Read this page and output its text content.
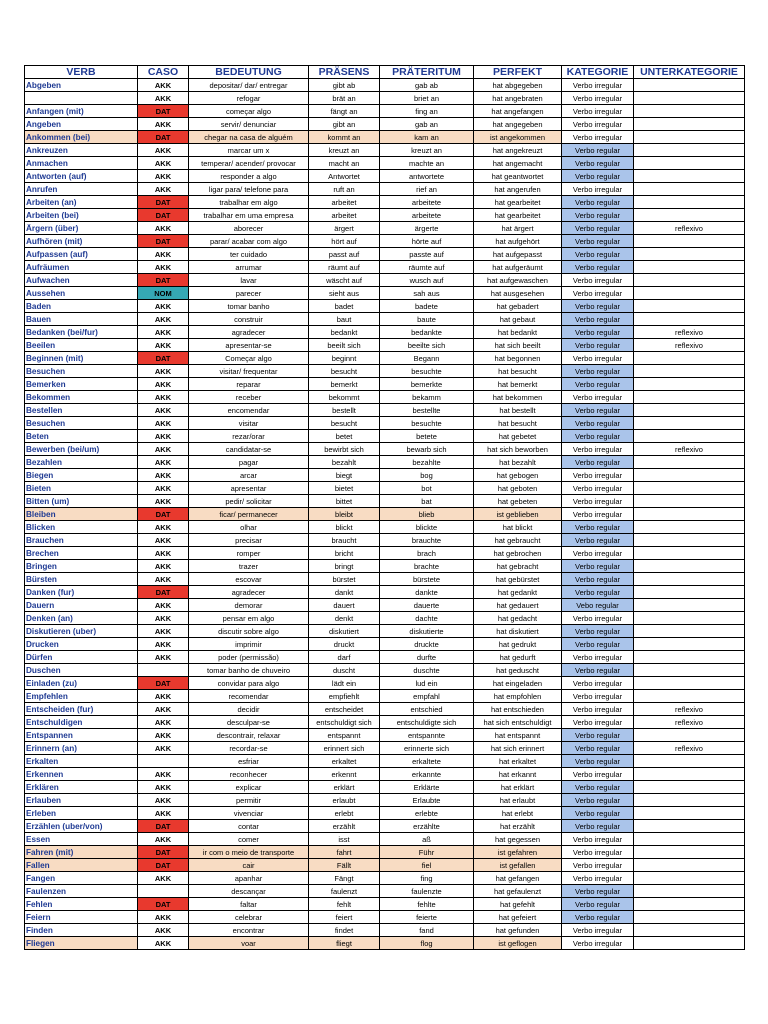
VERB	CASO	BEDEUTUNG	PRÄSENS	PRÄTERITUM	PERFEKT	KATEGORIE	UNTERKATEGORIE
Abgeben	AKK	depositar/ dar/ entregar	gibt ab	gab ab	hat abgegeben	Verbo irregular	
	AKK	refogar	brät an	briet an	hat angebraten	Verbo irregular	
Anfangen (mit)	DAT	começar algo	fängt an	fing an	hat angefangen	Verbo irregular	
Angeben	AKK	servir/ denunciar	gibt an	gab an	hat angegeben	Verbo irregular	
Ankommen (bei)	DAT	chegar na casa de alguém	kommt an	kam an	ist angekommen	Verbo irregular	
Ankreuzen	AKK	marcar um x	kreuzt an	kreuzt an	hat angekreuzt	Verbo regular	
Anmachen	AKK	temperar/ acender/ provocar	macht an	machte an	hat angemacht	Verbo regular	
Antworten (auf)	AKK	responder a algo	Antwortet	antwortete	hat geantwortet	Verbo regular	
Anrufen	AKK	ligar para/ telefone para	ruft an	rief an	hat angerufen	Verbo irregular	
Arbeiten (an)	DAT	trabalhar em algo	arbeitet	arbeitete	hat gearbeitet	Verbo regular	
Arbeiten (bei)	DAT	trabalhar em uma empresa	arbeitet	arbeitete	hat gearbeitet	Verbo regular	
Ärgern (über)	AKK	aborecer	ärgert	ärgerte	hat ärgert	Verbo regular	reflexivo
Aufhören (mit)	DAT	parar/ acabar com algo	hört auf	hörte auf	hat aufgehört	Verbo regular	
Aufpassen (auf)	AKK	ter cuidado	passt auf	passte auf	hat aufgepasst	Verbo regular	
Aufräumen	AKK	arrumar	räumt auf	räumte auf	hat aufgeräumt	Verbo regular	
Aufwachen	DAT	lavar	wäscht auf	wusch auf	hat aufgewaschen	Verbo irregular	
Aussehen	NOM	parecer	sieht aus	sah aus	hat ausgesehen	Verbo irregular	
Baden	AKK	tomar banho	badet	badete	hat gebadert	Verbo regular	
Bauen	AKK	construir	baut	baute	hat gebaut	Verbo regular	
Bedanken (bei/fur)	AKK	agradecer	bedankt	bedankte	hat bedankt	Verbo regular	reflexivo
Beeilen	AKK	apresentar-se	beeilt sich	beeilte sich	hat sich beeilt	Verbo regular	reflexivo
Beginnen (mit)	DAT	Começar algo	beginnt	Begann	hat begonnen	Verbo irregular	
Besuchen	AKK	visitar/ frequentar	besucht	besuchte	hat besucht	Verbo regular	
Bemerken	AKK	reparar	bemerkt	bemerkte	hat bemerkt	Verbo regular	
Bekommen	AKK	receber	bekommt	bekamm	hat bekommen	Verbo irregular	
Bestellen	AKK	encomendar	bestellt	bestellte	hat bestellt	Verbo regular	
Besuchen	AKK	visitar	besucht	besuchte	hat besucht	Verbo regular	
Beten	AKK	rezar/orar	betet	betete	hat gebetet	Verbo regular	
Bewerben (bei/um)	AKK	candidatar-se	bewirbt sich	bewarb sich	hat sich beworben	Verbo irregular	reflexivo
Bezahlen	AKK	pagar	bezahlt	bezahlte	hat bezahlt	Verbo regular	
Biegen	AKK	arcar	biegt	bog	hat gebogen	Verbo irregular	
Bieten	AKK	apresentar	bietet	bot	hat geboten	Verbo irregular	
Bitten (um)	AKK	pedir/ solicitar	bittet	bat	hat gebeten	Verbo irregular	
Bleiben	DAT	ficar/ permanecer	bleibt	blieb	ist geblieben	Verbo irregular	
Blicken	AKK	olhar	blickt	blickte	hat blickt	Verbo regular	
Brauchen	AKK	precisar	braucht	brauchte	hat gebraucht	Verbo regular	
Brechen	AKK	romper	bricht	brach	hat gebrochen	Verbo irregular	
Bringen	AKK	trazer	bringt	brachte	hat gebracht	Verbo regular	
Bürsten	AKK	escovar	bürstet	bürstete	hat gebürstet	Verbo regular	
Danken (fur)	DAT	agradecer	dankt	dankte	hat gedankt	Verbo regular	
Dauern	AKK	demorar	dauert	dauerte	hat gedauert	Vebo regular	
Denken (an)	AKK	pensar em algo	denkt	dachte	hat gedacht	Verbo irregular	
Diskutieren (uber)	AKK	discutir sobre algo	diskutiert	diskutierte	hat diskutiert	Verbo regular	
Drucken	AKK	imprimir	druckt	druckte	hat gedrukt	Verbo regular	
Dürfen	AKK	poder (permissão)	darf	durfte	hat gedurft	Verbo irregular	
Duschen		tomar banho de chuveiro	duscht	duschte	hat geduscht	Verbo regular	
Einladen (zu)	DAT	convidar para algo	lädt ein	lud ein	hat eingeladen	Verbo irregular	
Empfehlen	AKK	recomendar	empfiehlt	empfahl	hat empfohlen	Verbo irregular	
Entscheiden (fur)	AKK	decidir	entscheidet	entschied	hat entschieden	Verbo irregular	reflexivo
Entschuldigen	AKK	desculpar-se	entschuldigt sich	entschuldigte sich	hat sich entschuldigt	Verbo irregular	reflexivo
Entspannen	AKK	descontrair, relaxar	entspannt	entspannte	hat entspannt	Verbo regular	
Erinnern (an)	AKK	recordar-se	erinnert sich	erinnerte sich	hat sich erinnert	Verbo regular	reflexivo
Erkalten		esfriar	erkaltet	erkaltete	hat erkaltet	Verbo regular	
Erkennen	AKK	reconhecer	erkennt	erkannte	hat erkannt	Verbo irregular	
Erklären	AKK	explicar	erklärt	Erklärte	hat erklärt	Verbo regular	
Erlauben	AKK	permitir	erlaubt	Erlaubte	hat erlaubt	Verbo regular	
Erleben	AKK	vivenciar	erlebt	erlebte	hat erlebt	Verbo regular	
Erzählen (uber/von)	DAT	contar	erzählt	erzählte	hat erzählt	Verbo regular	
Essen	AKK	comer	isst	aß	hat gegessen	Verbo irregular	
Fahren (mit)	DAT	ir com o meio de transporte	fahrt	Führ	ist gefahren	Verbo irregular	
Fallen	DAT	cair	Fällt	fiel	ist gefallen	Verbo irregular	
Fangen	AKK	apanhar	Fängt	fing	hat gefangen	Verbo irregular	
Faulenzen		descançar	faulenzt	faulenzte	hat gefaulenzt	Verbo regular	
Fehlen	DAT	faltar	fehlt	fehlte	hat gefehlt	Verbo regular	
Feiern	AKK	celebrar	feiert	feierte	hat gefeiert	Verbo regular	
Finden	AKK	encontrar	findet	fand	hat gefunden	Verbo irregular	
Fliegen	AKK	voar	fliegt	flog	ist geflogen	Verbo irregular	
